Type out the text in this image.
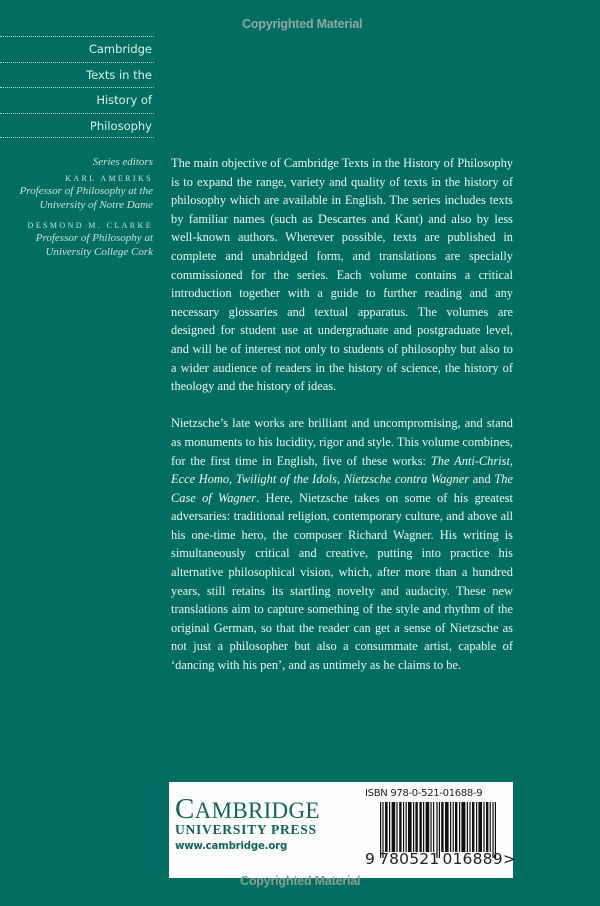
Copyrighted Material
Cambridge
Texts in the
History of
Philosophy
Series editors
KARL AMERIKS
Professor of Philosophy at the
University of Notre Dame
DESMOND M. CLARKE
Professor of Philosophy at
University College Cork

The main objective of Cambridge Texts in the History of Philosophy is to expand the range, variety and quality of texts in the history of philosophy which are available in English. The series includes texts by familiar names (such as Descartes and Kant) and also by less well-known authors. Wherever possible, texts are published in complete and unabridged form, and translations are specially commissioned for the series. Each volume contains a critical introduction together with a guide to further reading and any necessary glossaries and textual apparatus. The volumes are designed for student use at undergraduate and postgraduate level, and will be of interest not only to students of philosophy but also to a wider audience of readers in the history of science, the history of theology and the history of ideas.

Nietzsche’s late works are brilliant and uncompromising, and stand as monuments to his lucidity, rigor and style. This volume combines, for the first time in English, five of these works: The Anti-Christ, Ecce Homo, Twilight of the Idols, Nietzsche contra Wagner and The Case of Wagner. Here, Nietzsche takes on some of his greatest adversaries: traditional religion, contemporary culture, and above all his one-time hero, the composer Richard Wagner. His writing is simultaneously critical and creative, putting into practice his alternative philosophical vision, which, after more than a hundred years, still retains its startling novelty and audacity. These new translations aim to capture something of the style and rhythm of the original German, so that the reader can get a sense of Nietzsche as not just a philosopher but also a consummate artist, capable of ‘dancing with his pen’, and as untimely as he claims to be.

CAMBRIDGE
UNIVERSITY PRESS
www.cambridge.org
ISBN 978-0-521-01688-9
9 780521 016889>
Copyrighted Material
